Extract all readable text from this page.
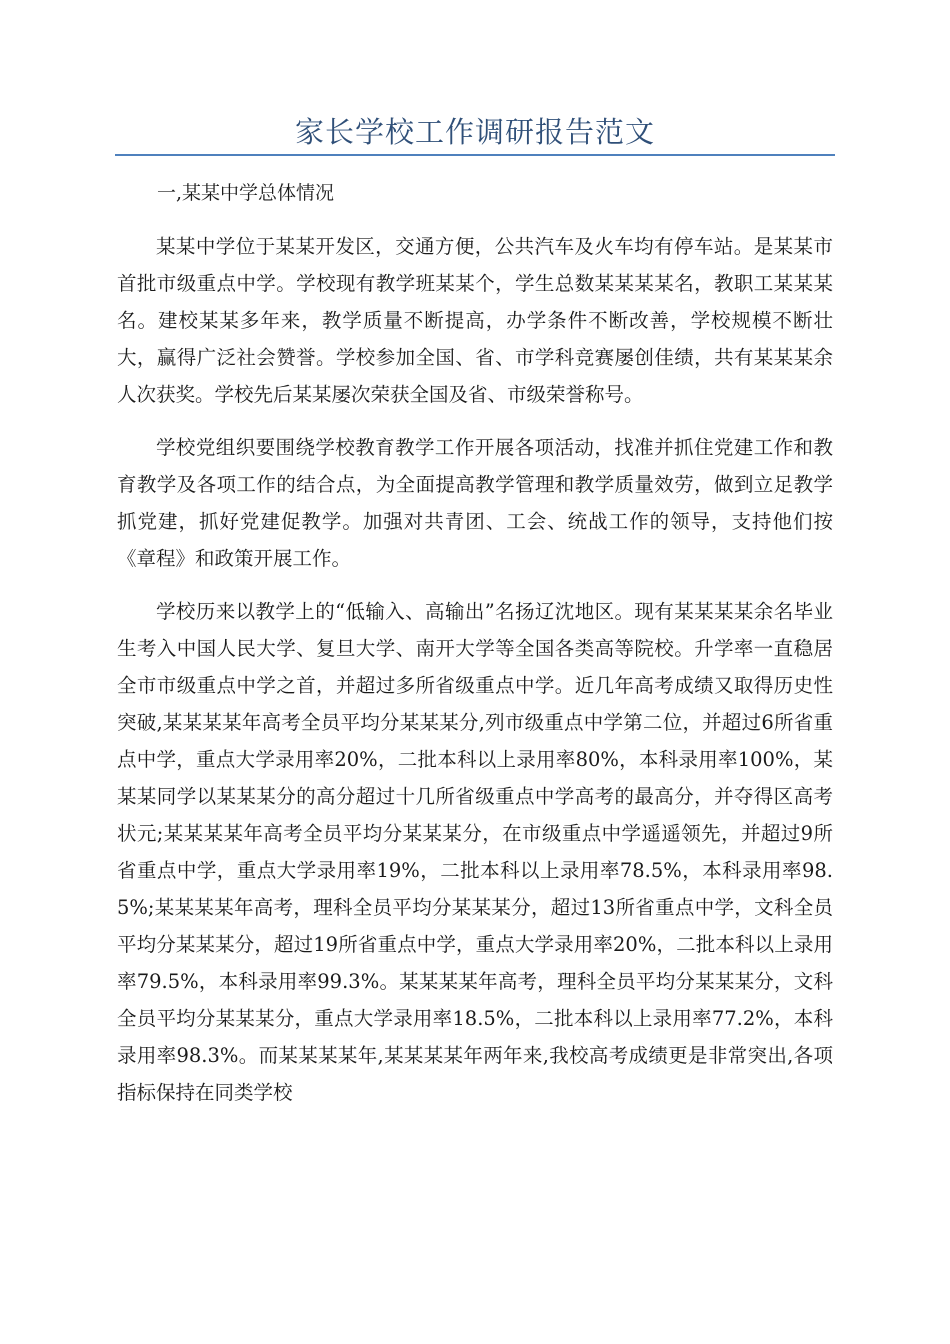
家长学校工作调研报告范文
一,某某中学总体情况

某某中学位于某某开发区，交通方便，公共汽车及火车均有停车站。是某某市首批市级重点中学。学校现有教学班某某个，学生总数某某某某名，教职工某某某名。建校某某多年来，教学质量不断提高，办学条件不断改善，学校规模不断壮大，赢得广泛社会赞誉。学校参加全国、省、市学科竞赛屡创佳绩，共有某某某余人次获奖。学校先后某某屡次荣获全国及省、市级荣誉称号。

学校党组织要围绕学校教育教学工作开展各项活动，找准并抓住党建工作和教育教学及各项工作的结合点，为全面提高教学管理和教学质量效劳，做到立足教学抓党建，抓好党建促教学。加强对共青团、工会、统战工作的领导，支持他们按《章程》和政策开展工作。

学校历来以教学上的“低输入、高输出”名扬辽沈地区。现有某某某某余名毕业生考入中国人民大学、复旦大学、南开大学等全国各类高等院校。升学率一直稳居全市市级重点中学之首，并超过多所省级重点中学。近几年高考成绩又取得历史性突破,某某某某年高考全员平均分某某某分,列市级重点中学第二位，并超过6所省重点中学，重点大学录用率20%，二批本科以上录用率80%，本科录用率100%，某某某同学以某某某分的高分超过十几所省级重点中学高考的最高分，并夺得区高考状元;某某某某年高考全员平均分某某某分，在市级重点中学遥遥领先，并超过9所省重点中学，重点大学录用率19%，二批本科以上录用率78.5%，本科录用率98.5%;某某某某年高考，理科全员平均分某某某分，超过13所省重点中学，文科全员平均分某某某分，超过19所省重点中学，重点大学录用率20%，二批本科以上录用率79.5%，本科录用率99.3%。某某某某年高考，理科全员平均分某某某分，文科全员平均分某某某分，重点大学录用率18.5%，二批本科以上录用率77.2%，本科录用率98.3%。而某某某某年,某某某某年两年来,我校高考成绩更是非常突出,各项指标保持在同类学校
